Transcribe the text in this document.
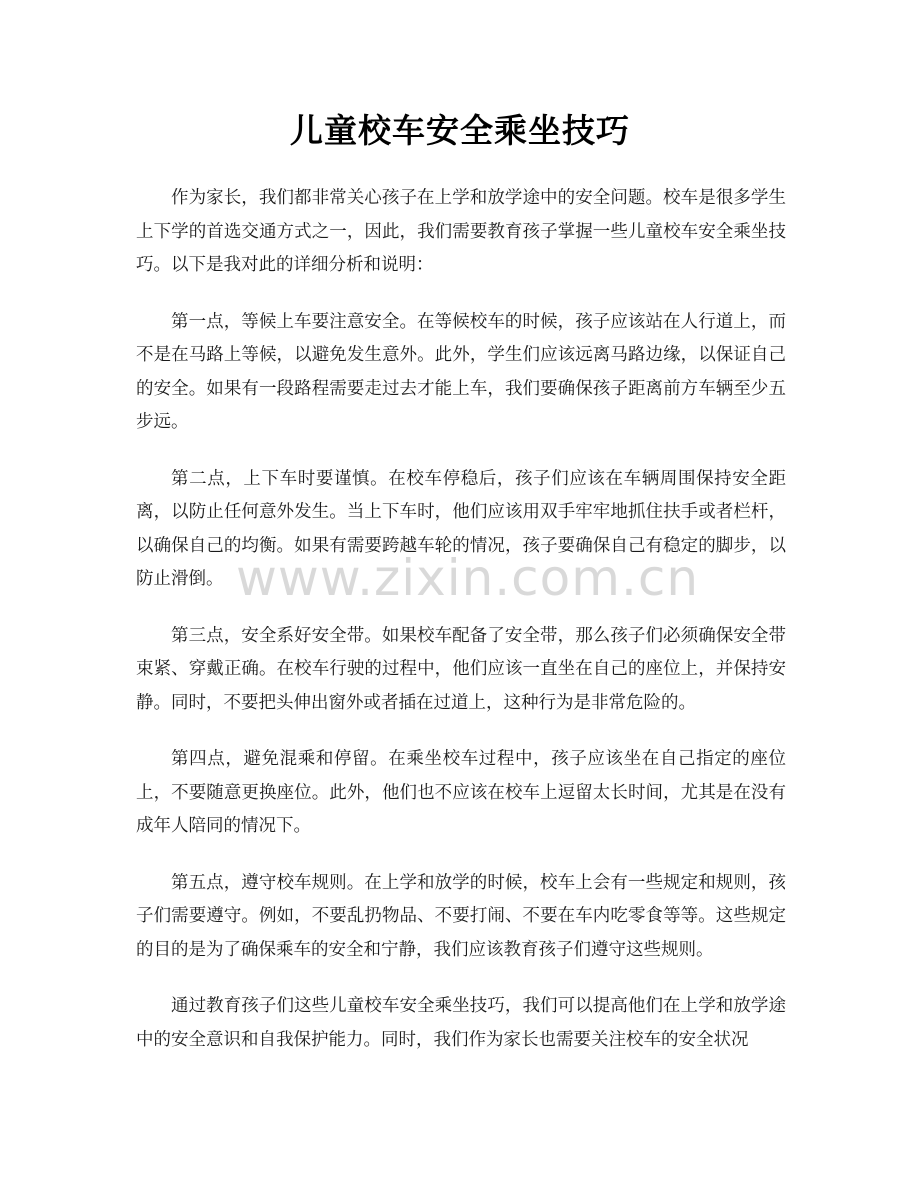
儿童校车安全乘坐技巧

作为家长，我们都非常关心孩子在上学和放学途中的安全问题。校车是很多学生上下学的首选交通方式之一，因此，我们需要教育孩子掌握一些儿童校车安全乘坐技巧。以下是我对此的详细分析和说明：

第一点，等候上车要注意安全。在等候校车的时候，孩子应该站在人行道上，而不是在马路上等候，以避免发生意外。此外，学生们应该远离马路边缘，以保证自己的安全。如果有一段路程需要走过去才能上车，我们要确保孩子距离前方车辆至少五步远。

第二点，上下车时要谨慎。在校车停稳后，孩子们应该在车辆周围保持安全距离，以防止任何意外发生。当上下车时，他们应该用双手牢牢地抓住扶手或者栏杆，以确保自己的均衡。如果有需要跨越车轮的情况，孩子要确保自己有稳定的脚步，以防止滑倒。

第三点，安全系好安全带。如果校车配备了安全带，那么孩子们必须确保安全带束紧、穿戴正确。在校车行驶的过程中，他们应该一直坐在自己的座位上，并保持安静。同时，不要把头伸出窗外或者插在过道上，这种行为是非常危险的。

第四点，避免混乘和停留。在乘坐校车过程中，孩子应该坐在自己指定的座位上，不要随意更换座位。此外，他们也不应该在校车上逗留太长时间，尤其是在没有成年人陪同的情况下。

第五点，遵守校车规则。在上学和放学的时候，校车上会有一些规定和规则，孩子们需要遵守。例如，不要乱扔物品、不要打闹、不要在车内吃零食等等。这些规定的目的是为了确保乘车的安全和宁静，我们应该教育孩子们遵守这些规则。

通过教育孩子们这些儿童校车安全乘坐技巧，我们可以提高他们在上学和放学途中的安全意识和自我保护能力。同时，我们作为家长也需要关注校车的安全状况

www.zixin.com.cn
